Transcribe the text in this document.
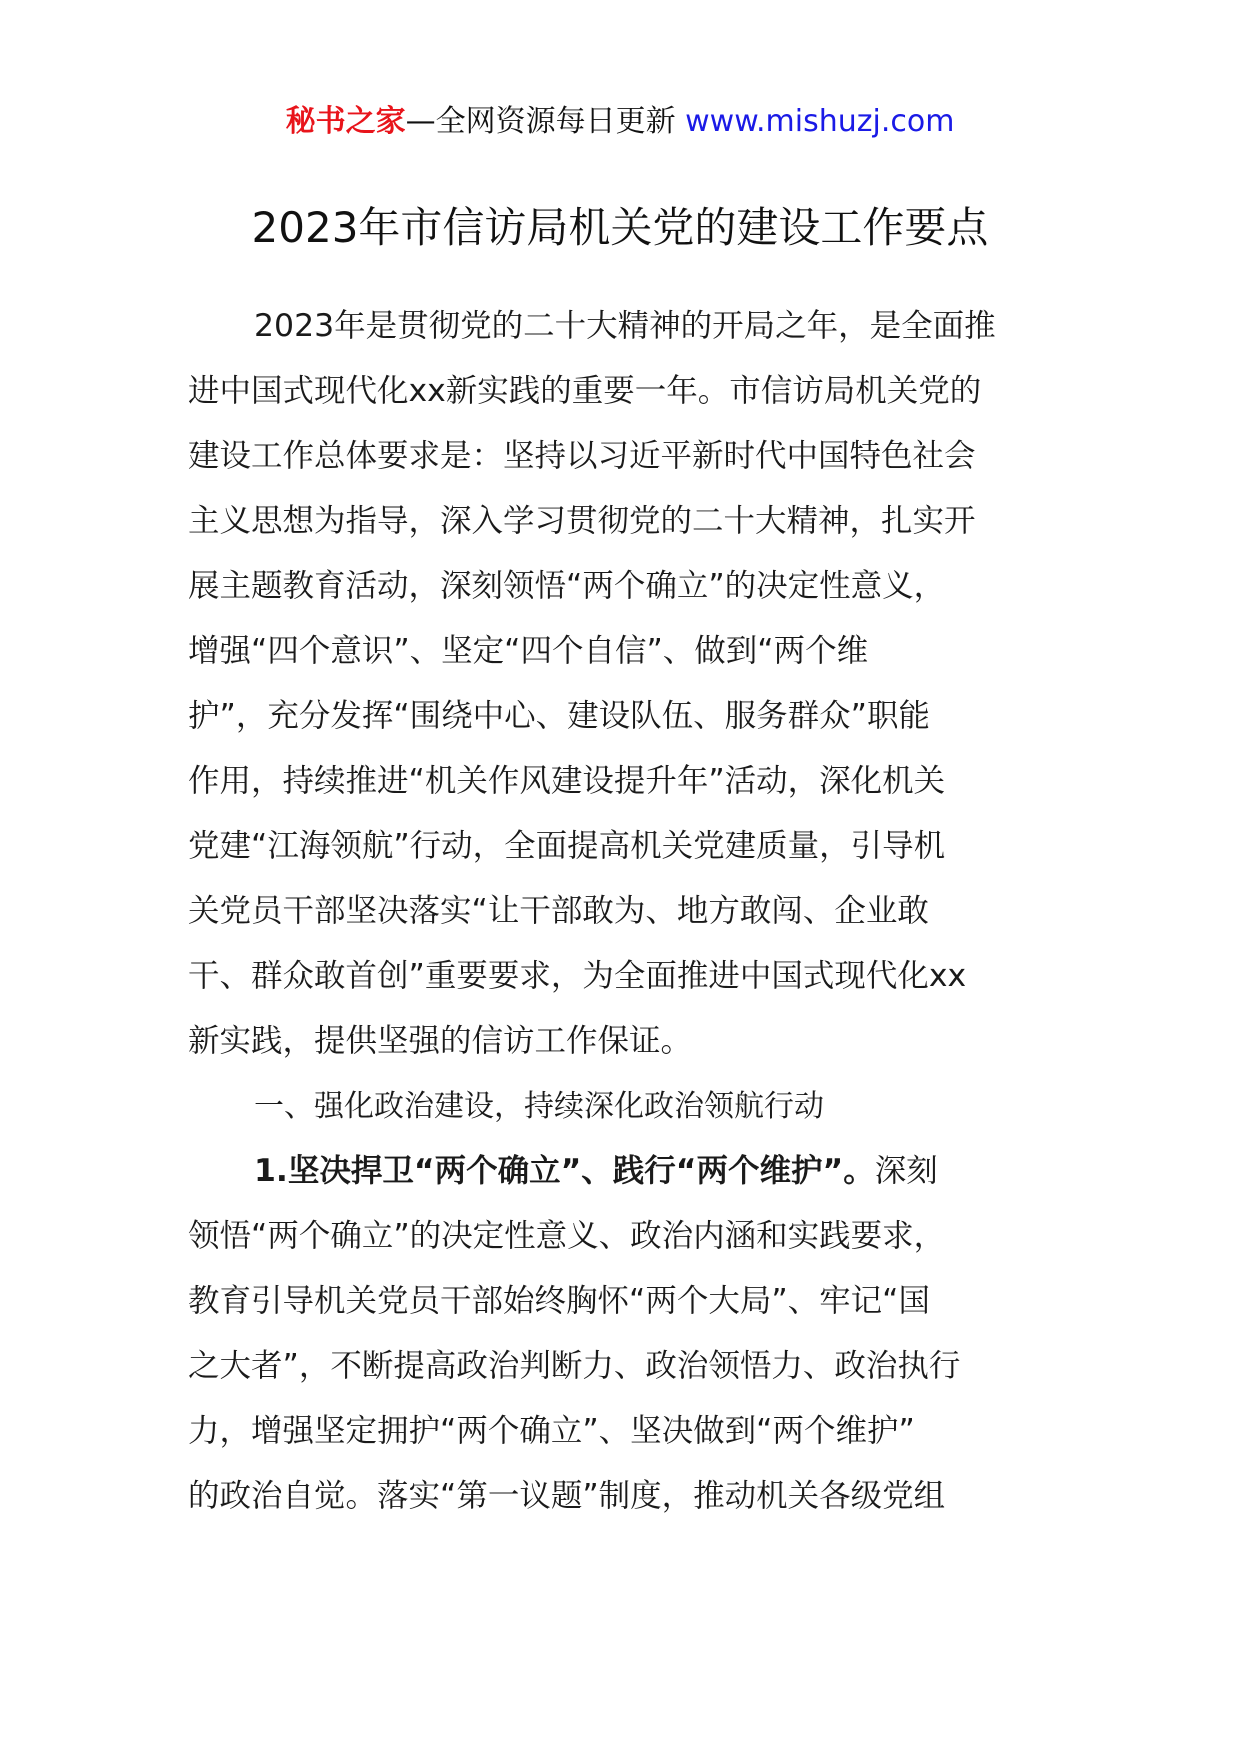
秘书之家—全网资源每日更新 www.mishuzj.com
2023年市信访局机关党的建设工作要点
2023年是贯彻党的二十大精神的开局之年，是全面推
进中国式现代化xx新实践的重要一年。市信访局机关党的
建设工作总体要求是：坚持以习近平新时代中国特色社会
主义思想为指导，深入学习贯彻党的二十大精神，扎实开
展主题教育活动，深刻领悟“两个确立”的决定性意义，
增强“四个意识”、坚定“四个自信”、做到“两个维
护”，充分发挥“围绕中心、建设队伍、服务群众”职能
作用，持续推进“机关作风建设提升年”活动，深化机关
党建“江海领航”行动，全面提高机关党建质量，引导机
关党员干部坚决落实“让干部敢为、地方敢闯、企业敢
干、群众敢首创”重要要求，为全面推进中国式现代化xx
新实践，提供坚强的信访工作保证。
一、强化政治建设，持续深化政治领航行动
1.坚决捍卫“两个确立”、践行“两个维护”。深刻
领悟“两个确立”的决定性意义、政治内涵和实践要求，
教育引导机关党员干部始终胸怀“两个大局”、牢记“国
之大者”，不断提高政治判断力、政治领悟力、政治执行
力，增强坚定拥护“两个确立”、坚决做到“两个维护”
的政治自觉。落实“第一议题”制度，推动机关各级党组
